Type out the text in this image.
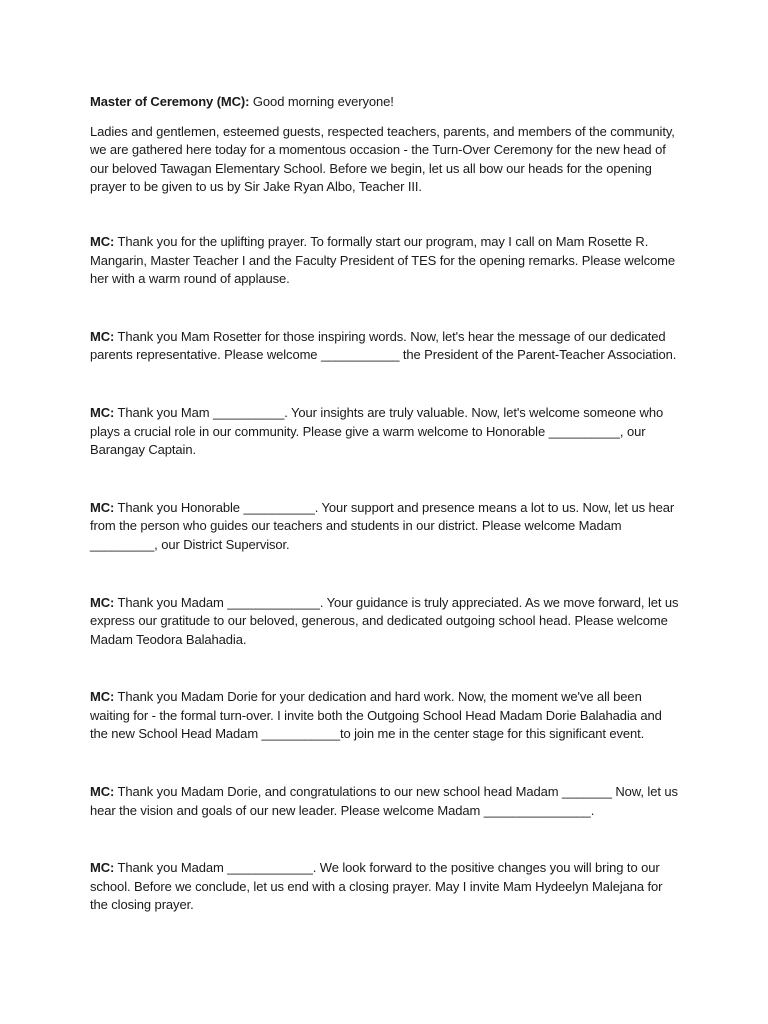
Master of Ceremony (MC): Good morning everyone!

Ladies and gentlemen, esteemed guests, respected teachers, parents, and members of the community, we are gathered here today for a momentous occasion - the Turn-Over Ceremony for the new head of our beloved Tawagan Elementary School. Before we begin, let us all bow our heads for the opening prayer to be given to us by Sir Jake Ryan Albo, Teacher III.

MC: Thank you for the uplifting prayer. To formally start our program, may I call on Mam Rosette R. Mangarin, Master Teacher I and the Faculty President of TES for the opening remarks. Please welcome her with a warm round of applause.

MC: Thank you Mam Rosetter for those inspiring words. Now, let's hear the message of our dedicated parents representative. Please welcome ___________ the President of the Parent-Teacher Association.

MC: Thank you Mam __________. Your insights are truly valuable. Now, let's welcome someone who plays a crucial role in our community. Please give a warm welcome to Honorable __________, our Barangay Captain.

MC: Thank you Honorable __________. Your support and presence means a lot to us. Now, let us hear from the person who guides our teachers and students in our district. Please welcome Madam _________, our District Supervisor.

MC: Thank you Madam _____________. Your guidance is truly appreciated. As we move forward, let us express our gratitude to our beloved, generous, and dedicated outgoing school head. Please welcome Madam Teodora Balahadia.

MC: Thank you Madam Dorie for your dedication and hard work. Now, the moment we've all been waiting for - the formal turn-over. I invite both the Outgoing School Head Madam Dorie Balahadia and the new School Head Madam ___________to join me in the center stage for this significant event.

MC: Thank you Madam Dorie, and congratulations to our new school head Madam _______ Now, let us hear the vision and goals of our new leader. Please welcome Madam _______________.

MC: Thank you Madam ____________. We look forward to the positive changes you will bring to our school. Before we conclude, let us end with a closing prayer. May I invite Mam Hydeelyn Malejana for the closing prayer.
